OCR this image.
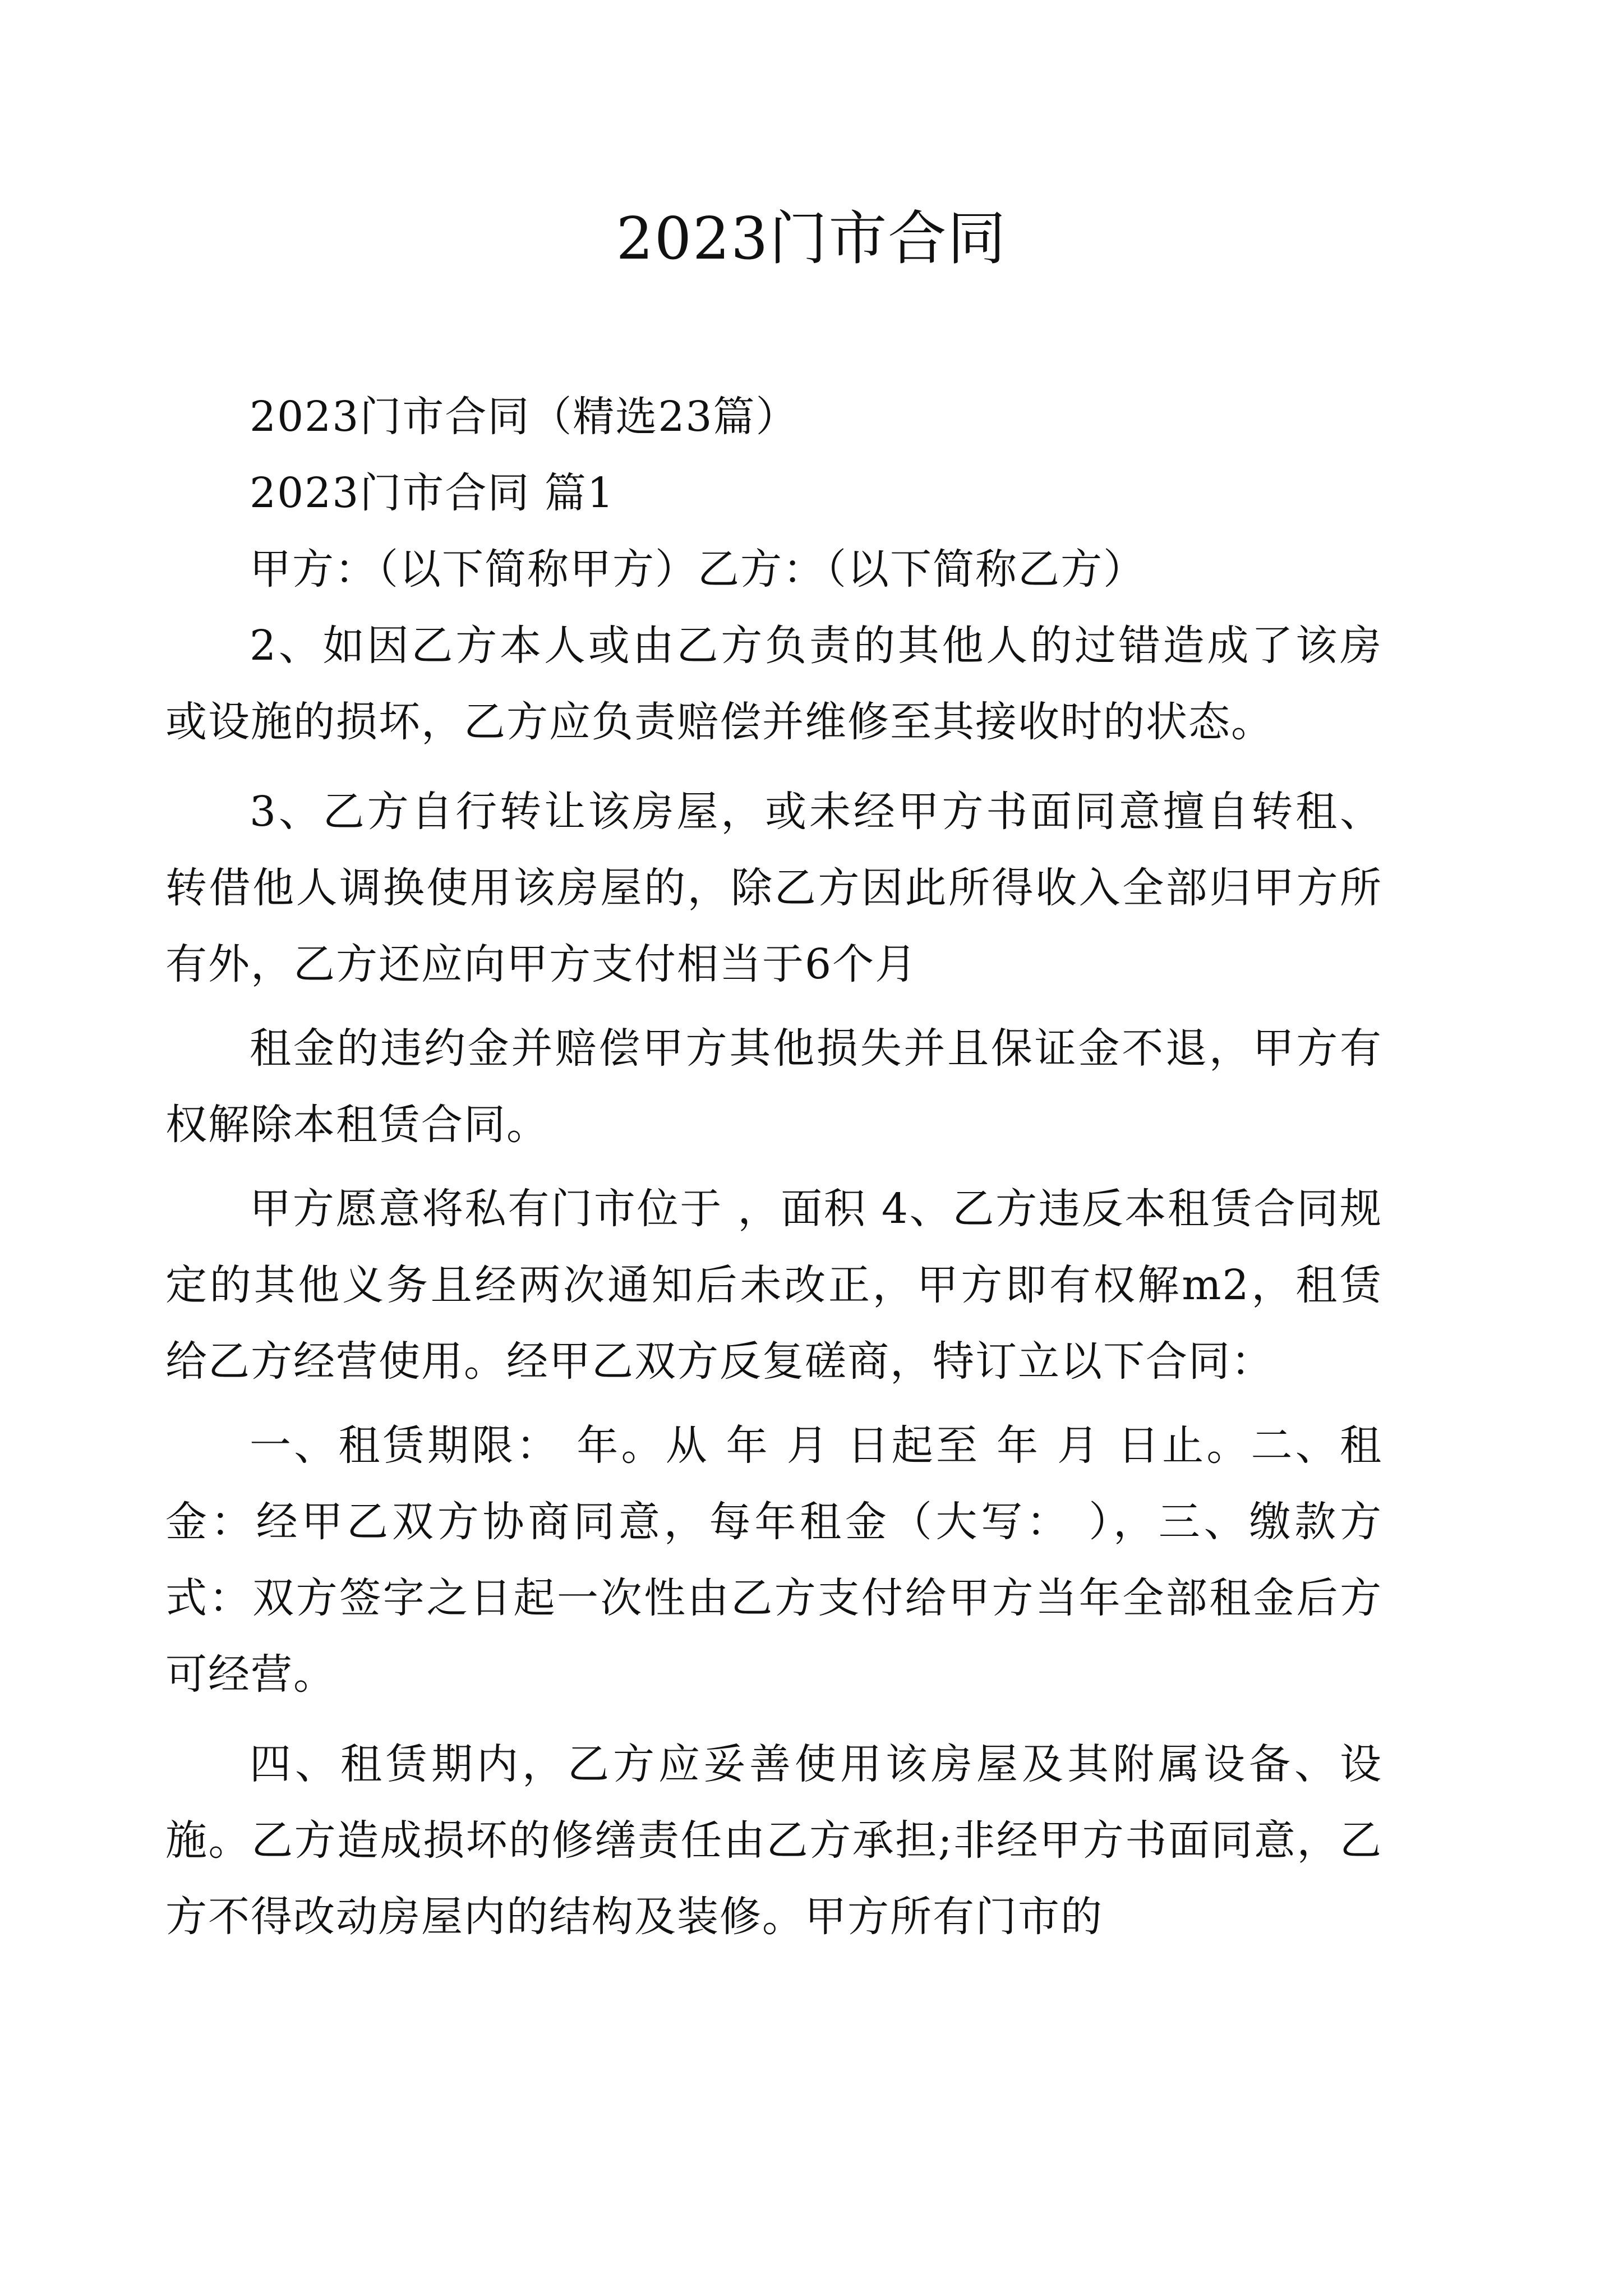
2023门市合同

2023门市合同（精选23篇）

2023门市合同 篇1

甲方：（以下简称甲方）乙方：（以下简称乙方）

2、如因乙方本人或由乙方负责的其他人的过错造成了该房或设施的损坏，乙方应负责赔偿并维修至其接收时的状态。

3、乙方自行转让该房屋，或未经甲方书面同意擅自转租、转借他人调换使用该房屋的，除乙方因此所得收入全部归甲方所有外，乙方还应向甲方支付相当于6个月

租金的违约金并赔偿甲方其他损失并且保证金不退，甲方有权解除本租赁合同。

甲方愿意将私有门市位于 ，面积 4、乙方违反本租赁合同规定的其他义务且经两次通知后未改正，甲方即有权解m2，租赁给乙方经营使用。经甲乙双方反复磋商，特订立以下合同：

一、租赁期限： 年。从 年 月 日起至 年 月 日止。二、租金：经甲乙双方协商同意，每年租金（大写： ），三、缴款方式：双方签字之日起一次性由乙方支付给甲方当年全部租金后方可经营。

四、租赁期内，乙方应妥善使用该房屋及其附属设备、设施。乙方造成损坏的修缮责任由乙方承担;非经甲方书面同意，乙方不得改动房屋内的结构及装修。甲方所有门市的
